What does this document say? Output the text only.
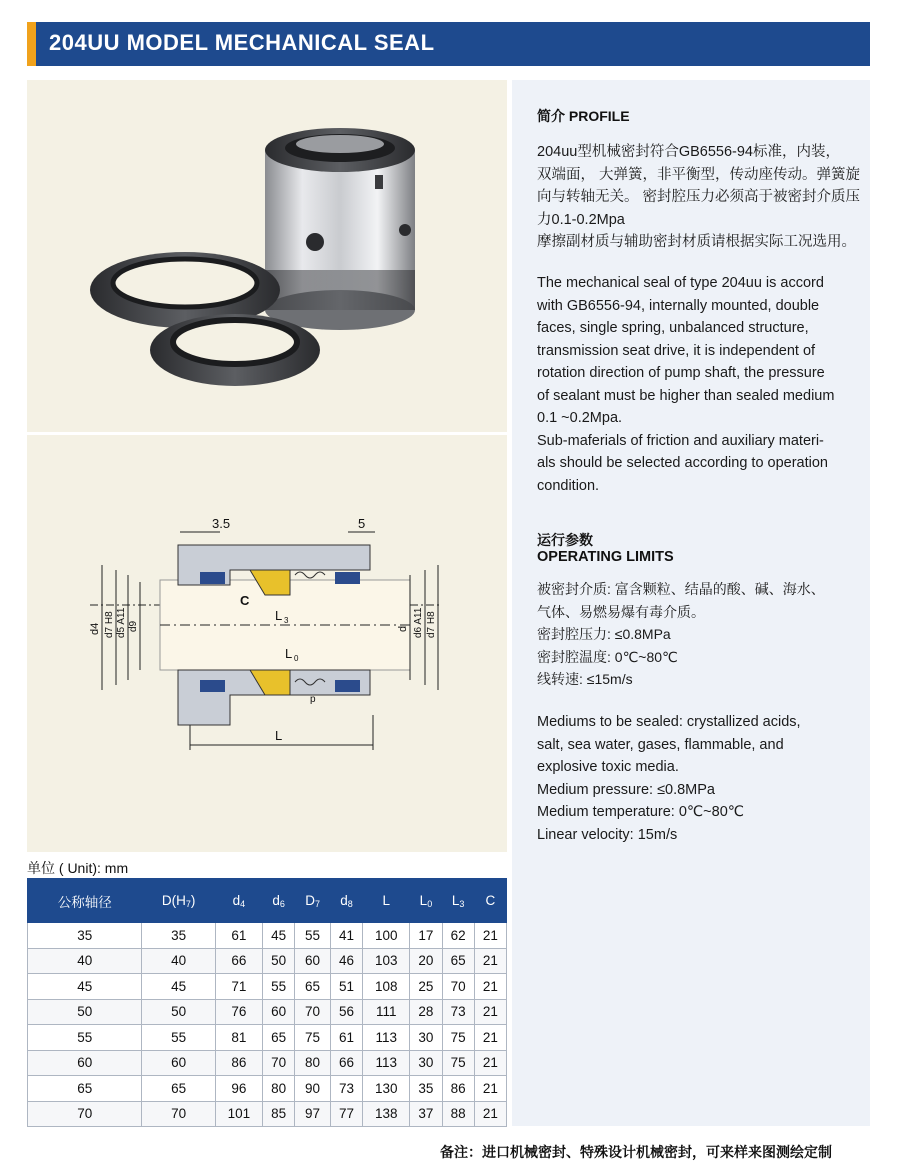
204UU MODEL MECHANICAL SEAL
3.5	5
C
L 3
L 0
L
p
d4 d7 H8 d5 A11 d9	d d6 A11 d7 H8
简介 PROFILE
204uu型机械密封符合GB6556-94标准，内装，
双端面， 大弹簧，非平衡型，传动座传动。弹簧旋
向与转轴无关。 密封腔压力必须高于被密封介质压
力0.1-0.2Mpa
摩擦副材质与辅助密封材质请根据实际工况选用。
The mechanical seal of type 204uu is accord
with GB6556-94, internally mounted, double
faces, single spring, unbalanced structure,
transmission seat drive, it is independent of
rotation direction of pump shaft, the pressure
of sealant must be higher than sealed medium
0.1 ~0.2Mpa.
Sub-maferials of friction and auxiliary materi-
als should be selected according to operation
condition.
运行参数
OPERATING LIMITS
被密封介质: 富含颗粒、结晶的酸、碱、海水、
气体、易燃易爆有毒介质。
密封腔压力: ≤0.8MPa
密封腔温度: 0℃~80℃
线转速: ≤15m/s
Mediums to be sealed: crystallized acids,
salt, sea water, gases, flammable, and
explosive toxic media.
Medium pressure: ≤0.8MPa
Medium temperature: 0℃~80℃
Linear velocity: 15m/s
单位 ( Unit): mm
公称轴径	$D(H_7)$	$d_4$	$d_6$	$D_7$	$d_8$	L	$L_0$	$L_3$	C
35	35	61	45	55	41	100	17	62	21
40	40	66	50	60	46	103	20	65	21
45	45	71	55	65	51	108	25	70	21
50	50	76	60	70	56	111	28	73	21
55	55	81	65	75	61	113	30	75	21
60	60	86	70	80	66	113	30	75	21
65	65	96	80	90	73	130	35	86	21
70	70	101	85	97	77	138	37	88	21
备注：进口机械密封、特殊设计机械密封，可来样来图测绘定制
